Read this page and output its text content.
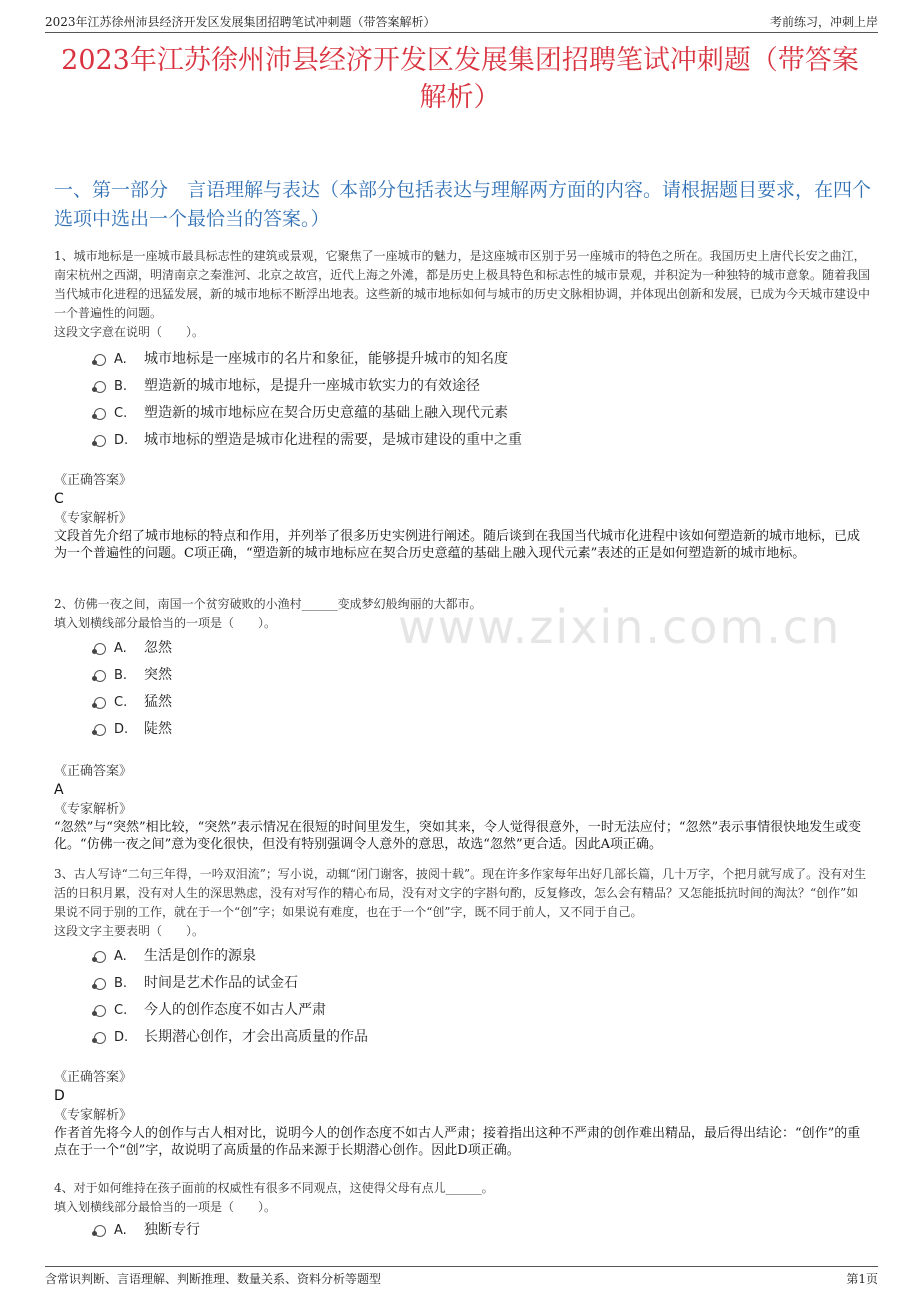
2023年江苏徐州沛县经济开发区发展集团招聘笔试冲刺题（带答案解析）	考前练习，冲刺上岸
2023年江苏徐州沛县经济开发区发展集团招聘笔试冲刺题（带答案解析）
一、第一部分　言语理解与表达（本部分包括表达与理解两方面的内容。请根据题目要求，在四个选项中选出一个最恰当的答案。）
www.zixin.com.cn

1、城市地标是一座城市最具标志性的建筑或景观，它聚焦了一座城市的魅力，是这座城市区别于另一座城市的特色之所在。我国历史上唐代长安之曲江，南宋杭州之西湖，明清南京之秦淮河、北京之故宫，近代上海之外滩，都是历史上极具特色和标志性的城市景观，并积淀为一种独特的城市意象。随着我国当代城市化进程的迅猛发展，新的城市地标不断浮出地表。这些新的城市地标如何与城市的历史文脉相协调，并体现出创新和发展，已成为今天城市建设中一个普遍性的问题。

这段文字意在说明（　　）。

A. 城市地标是一座城市的名片和象征，能够提升城市的知名度
B. 塑造新的城市地标，是提升一座城市软实力的有效途径
C. 塑造新的城市地标应在契合历史意蕴的基础上融入现代元素
D. 城市地标的塑造是城市化进程的需要，是城市建设的重中之重

《正确答案》

C

《专家解析》

文段首先介绍了城市地标的特点和作用，并列举了很多历史实例进行阐述。随后谈到在我国当代城市化进程中该如何塑造新的城市地标，已成为一个普遍性的问题。C项正确，“塑造新的城市地标应在契合历史意蕴的基础上融入现代元素”表述的正是如何塑造新的城市地标。

2、仿佛一夜之间，南国一个贫穷破败的小渔村______变成梦幻般绚丽的大都市。

填入划横线部分最恰当的一项是（　　）。

A. 忽然
B. 突然
C. 猛然
D. 陡然

《正确答案》

A

《专家解析》

“忽然”与“突然”相比较，“突然”表示情况在很短的时间里发生，突如其来，令人觉得很意外，一时无法应付；“忽然”表示事情很快地发生或变化。“仿佛一夜之间”意为变化很快，但没有特别强调令人意外的意思，故选“忽然”更合适。因此A项正确。

3、古人写诗“二句三年得，一吟双泪流”；写小说，动辄“闭门谢客，披阅十载”。现在许多作家每年出好几部长篇，几十万字，个把月就写成了。没有对生活的日积月累，没有对人生的深思熟虑，没有对写作的精心布局，没有对文字的字斟句酌，反复修改，怎么会有精品？又怎能抵抗时间的淘汰？“创作”如果说不同于别的工作，就在于一个“创”字；如果说有难度，也在于一个“创”字，既不同于前人，又不同于自己。

这段文字主要表明（　　）。

A. 生活是创作的源泉
B. 时间是艺术作品的试金石
C. 今人的创作态度不如古人严肃
D. 长期潜心创作，才会出高质量的作品

《正确答案》

D

《专家解析》

作者首先将今人的创作与古人相对比，说明今人的创作态度不如古人严肃；接着指出这种不严肃的创作难出精品，最后得出结论：“创作”的重点在于一个“创”字，故说明了高质量的作品来源于长期潜心创作。因此D项正确。

4、对于如何维持在孩子面前的权威性有很多不同观点，这使得父母有点儿______。

填入划横线部分最恰当的一项是（　　）。

A. 独断专行
含常识判断、言语理解、判断推理、数量关系、资料分析等题型	第1页
